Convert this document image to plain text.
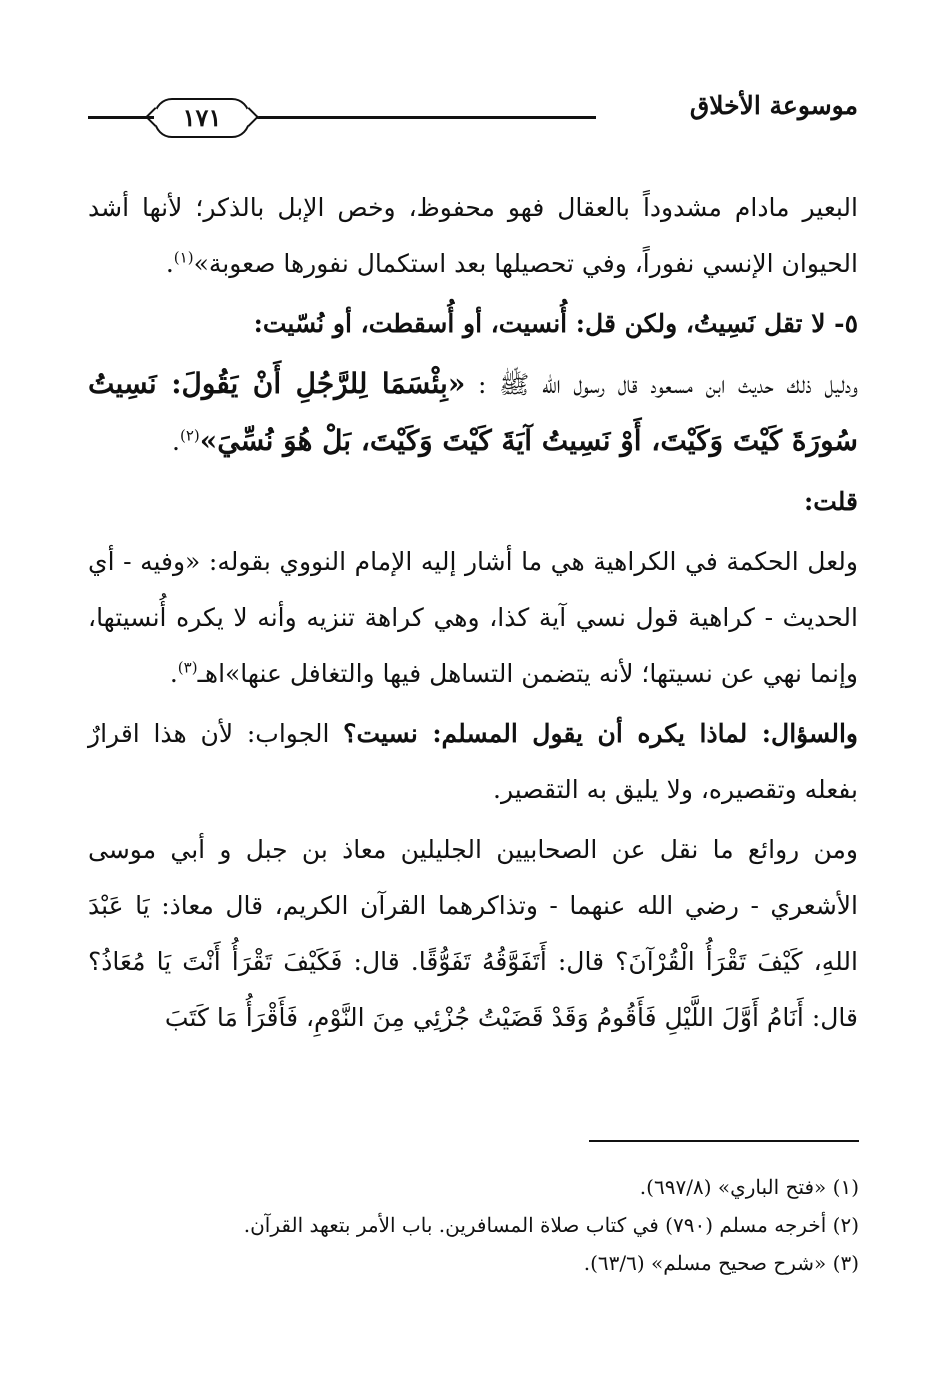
موسوعة الأخلاق
١٧١

البعير مادام مشدوداً بالعقال فهو محفوظ، وخص الإبل بالذكر؛ لأنها أشد الحيوان الإنسي نفوراً، وفي تحصيلها بعد استكمال نفورها صعوبة»$^{(١)}$.

٥- لا تقل نَسِيتُ، ولكن قل: أُنسيت، أو أُسقطت، أو نُسّيت:

ودليل ذلك حديث ابن مسعود قال رسول الله ﷺ : «بِئْسَمَا لِلرَّجُلِ أَنْ يَقُولَ: نَسِيتُ سُورَةَ كَيْتَ وَكَيْتَ، أَوْ نَسِيتُ آيَةَ كَيْتَ وَكَيْتَ، بَلْ هُوَ نُسِّيَ»$^{(٢)}$.

قلت:

ولعل الحكمة في الكراهية هي ما أشار إليه الإمام النووي بقوله: «وفيه - أي الحديث - كراهية قول نسي آية كذا، وهي كراهة تنزيه وأنه لا يكره أُنسيتها، وإنما نهي عن نسيتها؛ لأنه يتضمن التساهل فيها والتغافل عنها»اهـ$^{(٣)}$.

والسؤال: لماذا يكره أن يقول المسلم: نسيت؟ الجواب: لأن هذا اقرارٌ بفعله وتقصيره، ولا يليق به التقصير.

ومن روائع ما نقل عن الصحابيين الجليلين معاذ بن جبل و أبي موسى الأشعري - رضي الله عنهما - وتذاكرهما القرآن الكريم، قال معاذ: يَا عَبْدَ اللهِ، كَيْفَ تَقْرَأُ الْقُرْآنَ؟ قال: أَتَفَوَّقُهُ تَفَوُّقًا. قال: فَكَيْفَ تَقْرَأُ أَنْتَ يَا مُعَاذُ؟ قال: أَنَامُ أَوَّلَ اللَّيْلِ فَأَقُومُ وَقَدْ قَضَيْتُ جُزْئِي مِنَ النَّوْمِ، فَأَقْرَأُ مَا كَتَبَ

(١) «فتح الباري» (٦٩٧/٨).

(٢) أخرجه مسلم (٧٩٠) في كتاب صلاة المسافرين. باب الأمر بتعهد القرآن.

(٣) «شرح صحيح مسلم» (٦٣/٦).
